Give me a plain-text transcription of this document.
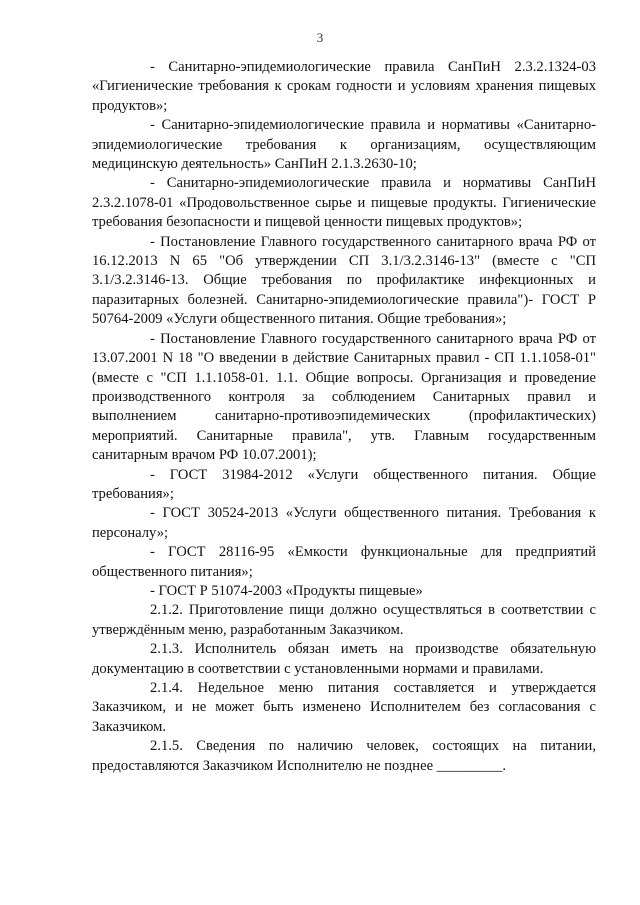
3

- Санитарно-эпидемиологические правила СанПиН 2.3.2.1324-03 «Гигиенические требования к срокам годности и условиям хранения пищевых продуктов»;

- Санитарно-эпидемиологические правила и нормативы «Санитарно-эпидемиологические требования к организациям, осуществляющим медицинскую деятельность» СанПиН 2.1.3.2630-10;

- Санитарно-эпидемиологические правила и нормативы СанПиН 2.3.2.1078-01 «Продовольственное сырье и пищевые продукты. Гигиенические требования безопасности и пищевой ценности пищевых продуктов»;

- Постановление Главного государственного санитарного врача РФ от 16.12.2013 N 65 "Об утверждении СП 3.1/3.2.3146-13" (вместе с "СП 3.1/3.2.3146-13. Общие требования по профилактике инфекционных и паразитарных болезней. Санитарно-эпидемиологические правила")- ГОСТ Р 50764-2009 «Услуги общественного питания. Общие требования»;

- Постановление Главного государственного санитарного врача РФ от 13.07.2001 N 18 "О введении в действие Санитарных правил - СП 1.1.1058-01"(вместе с "СП 1.1.1058-01. 1.1. Общие вопросы. Организация и проведение производственного контроля за соблюдением Санитарных правил и выполнением санитарно-противоэпидемических (профилактических) мероприятий. Санитарные правила", утв. Главным государственным санитарным врачом РФ 10.07.2001);

- ГОСТ 31984-2012 «Услуги общественного питания. Общие требования»;

- ГОСТ 30524-2013 «Услуги общественного питания. Требования к персоналу»;

- ГОСТ 28116-95 «Емкости функциональные для предприятий общественного питания»;

- ГОСТ Р 51074-2003 «Продукты пищевые»

2.1.2. Приготовление пищи должно осуществляться в соответствии с утверждённым меню, разработанным Заказчиком.

2.1.3. Исполнитель обязан иметь на производстве обязательную документацию в соответствии с установленными нормами и правилами.

2.1.4. Недельное меню питания составляется и утверждается Заказчиком, и не может быть изменено Исполнителем без согласования с Заказчиком.

2.1.5. Сведения по наличию человек, состоящих на питании, предоставляются Заказчиком Исполнителю не позднее _________.
